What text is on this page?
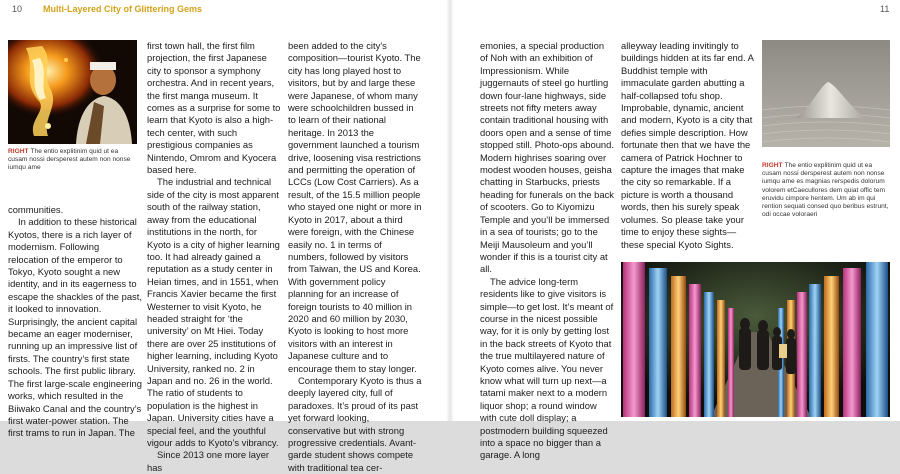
10 Multi-Layered City of Glittering Gems
RIGHT The entio explitinim quid ut ea cusam nossi dersperest autem non nonse iumqu ame

communities.

In addition to these historical Kyotos, there is a rich layer of modernism. Following relocation of the emperor to Tokyo, Kyoto sought a new identity, and in its eagerness to escape the shackles of the past, it looked to innovation. Surprisingly, the ancient capital became an eager moderniser, running up an impressive list of firsts. The country’s first state schools. The first public library. The first large-scale engineering works, which resulted in the Biiwako Canal and the country’s first water-power station. The first trams to run in Japan. The

first town hall, the first film projection, the first Japanese city to sponsor a symphony orchestra. And in recent years, the first manga museum. It comes as a surprise for some to learn that Kyoto is also a high-tech center, with such prestigious companies as Nintendo, Omrom and Kyocera based here.

The industrial and technical side of the city is most apparent south of the railway station, away from the educational institutions in the north, for Kyoto is a city of higher learning too. It had already gained a reputation as a study center in Heian times, and in 1551, when Francis Xavier became the first Westerner to visit Kyoto, he headed straight for ‘the university’ on Mt Hiei. Today there are over 25 institutions of higher learning, including Kyoto University, ranked no. 2 in Japan and no. 26 in the world. The ratio of students to population is the highest in Japan. University cities have a special feel, and the youthful vigour adds to Kyoto’s vibrancy.

Since 2013 one more layer has

been added to the city’s composition—tourist Kyoto. The city has long played host to visitors, but by and large these were Japanese, of whom many were schoolchildren bussed in to learn of their national heritage. In 2013 the government launched a tourism drive, loosening visa restrictions and permitting the operation of LCCs (Low Cost Carriers). As a result, of the 15.5 million people who stayed one night or more in Kyoto in 2017, about a third were foreign, with the Chinese easily no. 1 in terms of numbers, followed by visitors from Taiwan, the US and Korea. With government policy planning for an increase of foreign tourists to 40 million in 2020 and 60 million by 2030, Kyoto is looking to host more visitors with an interest in Japanese culture and to encourage them to stay longer.

Contemporary Kyoto is thus a deeply layered city, full of paradoxes. It’s proud of its past yet forward looking, conservative but with strong progressive credentials. Avant-garde student shows compete with traditional tea cer-

11

emonies, a special production of Noh with an exhibition of Impressionism. While juggernauts of steel go hurtling down four-lane highways, side streets not fifty meters away contain traditional housing with doors open and a sense of time stopped still. Photo-ops abound. Modern highrises soaring over modest wooden houses, geisha chatting in Starbucks, priests heading for funerals on the back of scooters. Go to Kiyomizu Temple and you’ll be immersed in a sea of tourists; go to the Meiji Mausoleum and you’ll wonder if this is a tourist city at all.

The advice long-term residents like to give visitors is simple—to get lost. It’s meant of course in the nicest possible way, for it is only by getting lost in the back streets of Kyoto that the true multilayered nature of Kyoto comes alive. You never know what will turn up next—a tatami maker next to a modern liquor shop; a round window with cute doll display; a postmodern building squeezed into a space no bigger than a garage. A long

alleyway leading invitingly to buildings hidden at its far end. A Buddhist temple with immaculate garden abutting a half-collapsed tofu shop. Improbable, dynamic, ancient and modern, Kyoto is a city that defies simple description. How fortunate then that we have the camera of Patrick Hochner to capture the images that make the city so remarkable. If a picture is worth a thousand words, then his surely speak volumes. So please take your time to enjoy these sights—these special Kyoto Sights.

RIGHT The entio explitinim quid ut ea cusam nossi dersperest autem non nonse iumqu ame es magnias rerspedis dolorum volorem etCaecullores dem quiat offic tem eruvidu cimpore hentem. Um ab im qui rention sequati consed quo beribus estrunt, odi occae voloraeri
